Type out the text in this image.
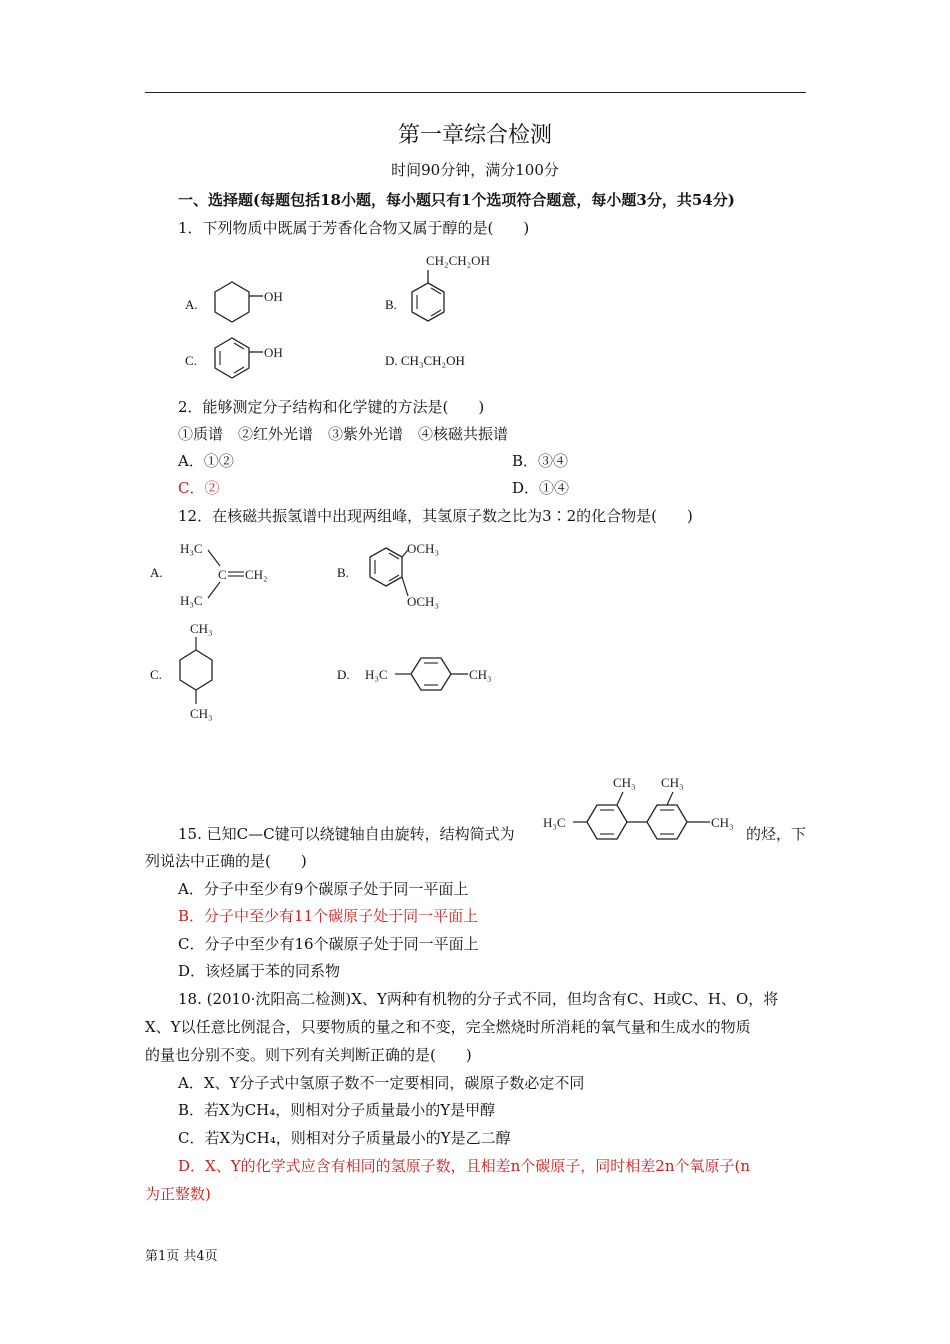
第一章综合检测
时间90分钟，满分100分
一、选择题(每题包括18小题，每小题只有1个选项符合题意，每小题3分，共54分)
1．下列物质中既属于芳香化合物又属于醇的是(　　)
A.
OH
B.
CH₂CH₂OH
C.
OH
D. CH₃CH₂OH
2．能够测定分子结构和化学键的方法是(　　)
①质谱　②红外光谱　③紫外光谱　④核磁共振谱
A．①②	B．③④
C．②	D．①④
12．在核磁共振氢谱中出现两组峰，其氢原子数之比为3∶2的化合物是(　　)
A.
H₃C
H₃C
C CH₂	B.
OCH₃
OCH₃
C.
CH₃
CH₃
D. H₃C	CH₃
15. 已知C—C键可以绕键轴自由旋转，结构简式为
H₃C
CH₃ CH₃
CH₃
的烃，下
列说法中正确的是(　　)
A．分子中至少有9个碳原子处于同一平面上
B．分子中至少有11个碳原子处于同一平面上
C．分子中至少有16个碳原子处于同一平面上
D．该烃属于苯的同系物
18. (2010·沈阳高二检测)X、Y两种有机物的分子式不同，但均含有C、H或C、H、O，将
X、Y以任意比例混合，只要物质的量之和不变，完全燃烧时所消耗的氧气量和生成水的物质
的量也分别不变。则下列有关判断正确的是(　　)
A．X、Y分子式中氢原子数不一定要相同，碳原子数必定不同
B．若X为CH₄，则相对分子质量最小的Y是甲醇
C．若X为CH₄，则相对分子质量最小的Y是乙二醇
D．X、Y的化学式应含有相同的氢原子数，且相差n个碳原子，同时相差2n个氧原子(n
为正整数)
第1页 共4页
